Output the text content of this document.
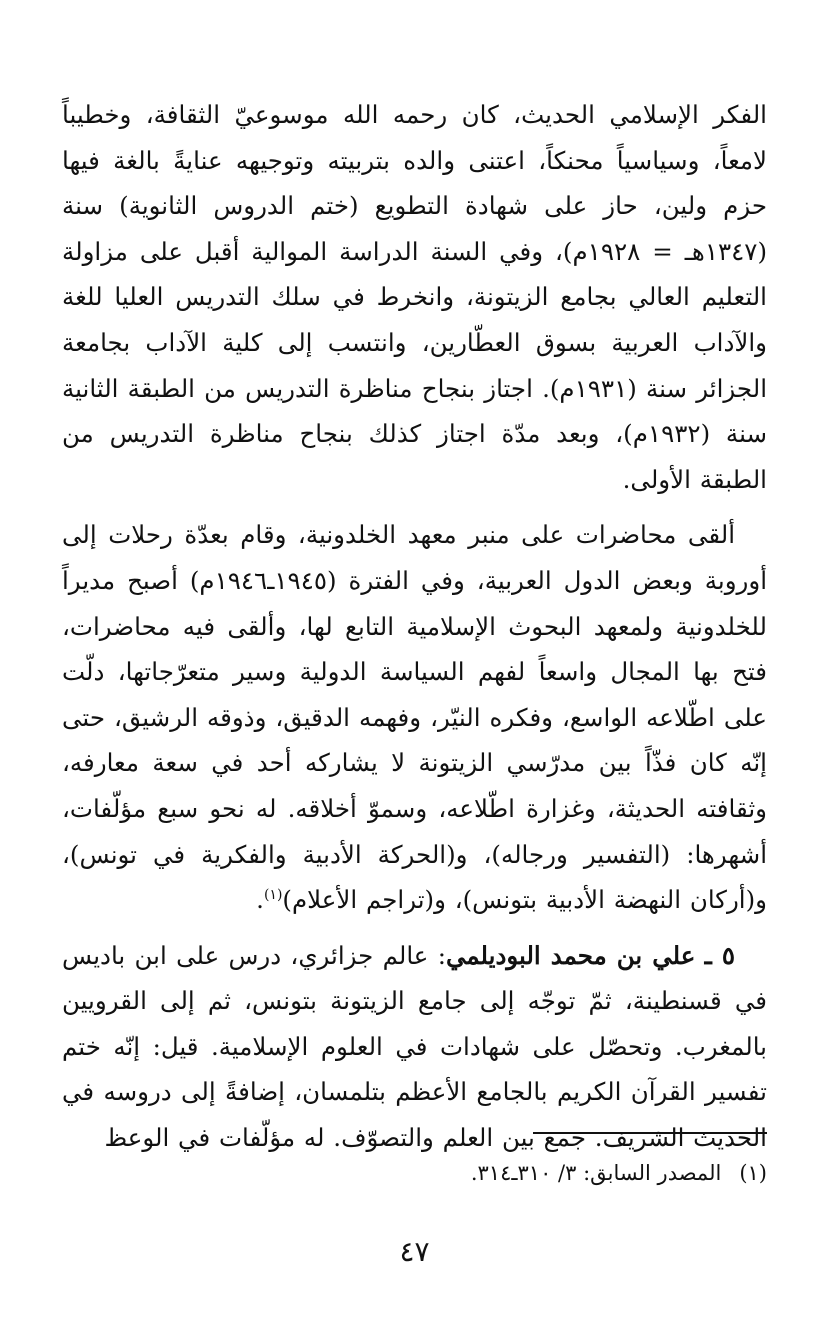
الفكر الإسلامي الحديث، كان رحمه الله موسوعيّ الثقافة، وخطيباً لامعاً، وسياسياً محنكاً، اعتنى والده بتربيته وتوجيهه عنايةً بالغة فيها حزم ولين، حاز على شهادة التطويع (ختم الدروس الثانوية) سنة (١٣٤٧هـ = ١٩٢٨م)، وفي السنة الدراسة الموالية أقبل على مزاولة التعليم العالي بجامع الزيتونة، وانخرط في سلك التدريس العليا للغة والآداب العربية بسوق العطّارين، وانتسب إلى كلية الآداب بجامعة الجزائر سنة (١٩٣١م). اجتاز بنجاح مناظرة التدريس من الطبقة الثانية سنة (١٩٣٢م)، وبعد مدّة اجتاز كذلك بنجاح مناظرة التدريس من الطبقة الأولى.

ألقى محاضرات على منبر معهد الخلدونية، وقام بعدّة رحلات إلى أوروبة وبعض الدول العربية، وفي الفترة (١٩٤٥ـ١٩٤٦م) أصبح مديراً للخلدونية ولمعهد البحوث الإسلامية التابع لها، وألقى فيه محاضرات، فتح بها المجال واسعاً لفهم السياسة الدولية وسير متعرّجاتها، دلّت على اطّلاعه الواسع، وفكره النيّر، وفهمه الدقيق، وذوقه الرشيق، حتى إنّه كان فذّاً بين مدرّسي الزيتونة لا يشاركه أحد في سعة معارفه، وثقافته الحديثة، وغزارة اطّلاعه، وسموّ أخلاقه. له نحو سبع مؤلّفات، أشهرها: (التفسير ورجاله)، و(الحركة الأدبية والفكرية في تونس)، و(أركان النهضة الأدبية بتونس)، و(تراجم الأعلام)$^{(١)}$.

٥ ـ علي بن محمد البوديلمي: عالم جزائري، درس على ابن باديس في قسنطينة، ثمّ توجّه إلى جامع الزيتونة بتونس، ثم إلى القرويين بالمغرب. وتحصّل على شهادات في العلوم الإسلامية. قيل: إنّه ختم تفسير القرآن الكريم بالجامع الأعظم بتلمسان، إضافةً إلى دروسه في الحديث الشريف. جمع بين العلم والتصوّف. له مؤلّفات في الوعظ

(١)المصدر السابق: ٣/ ٣١٠ـ٣١٤.

٤٧
